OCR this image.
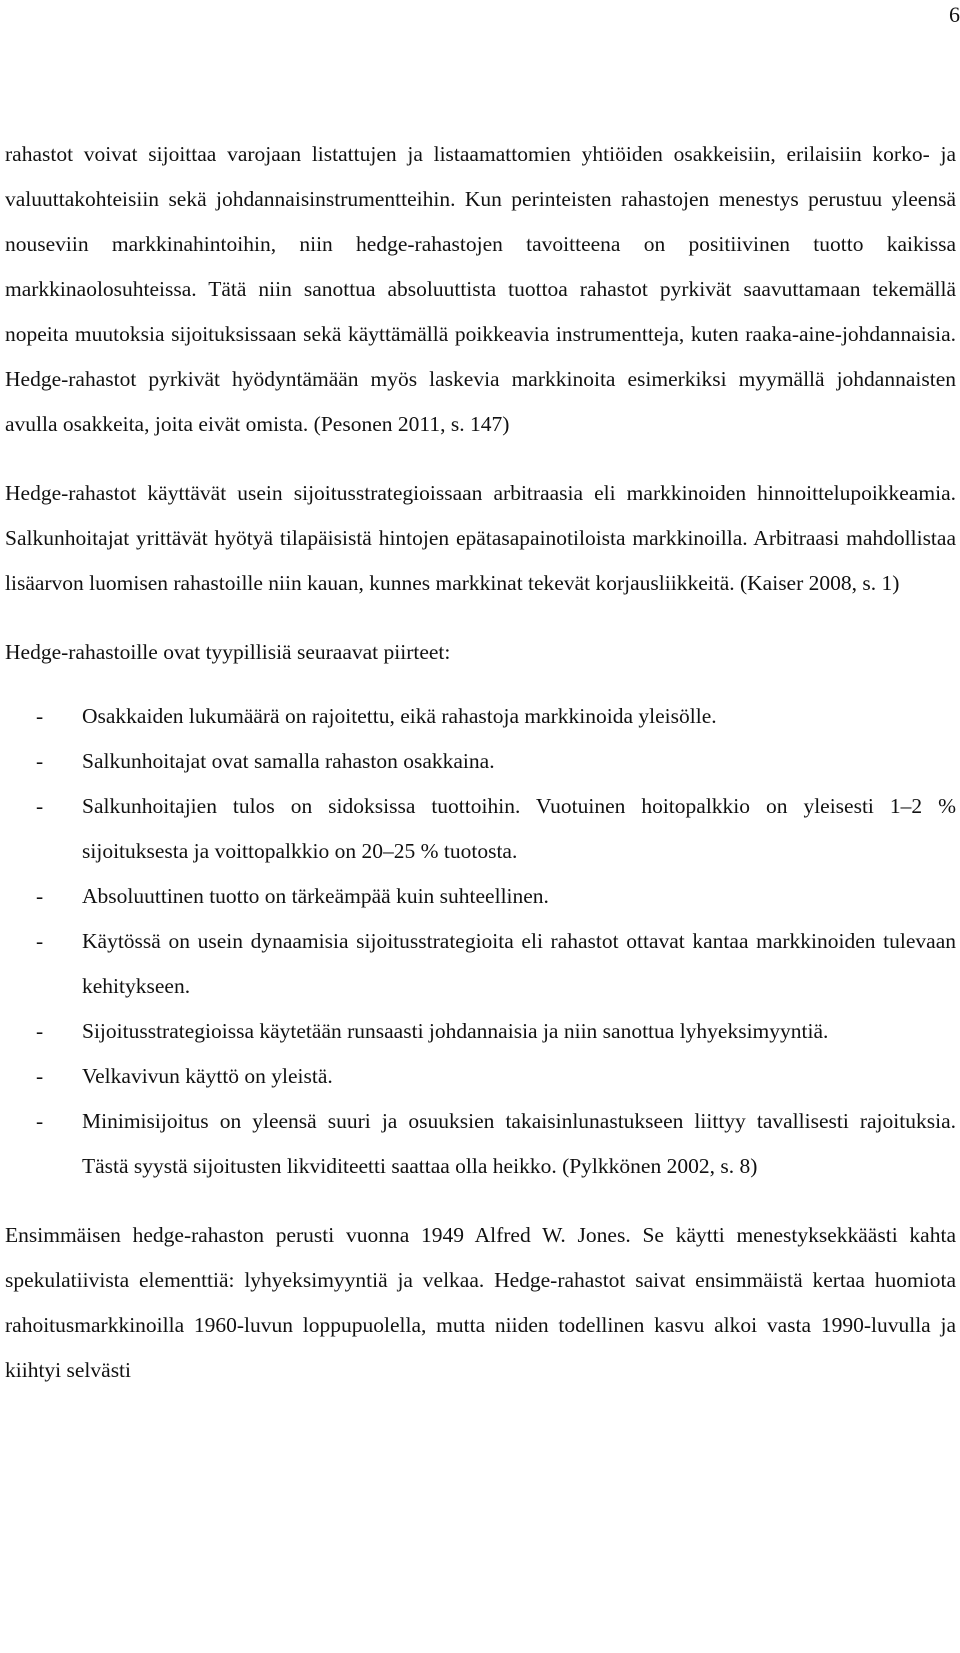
6

rahastot voivat sijoittaa varojaan listattujen ja listaamattomien yhtiöiden osakkeisiin, erilaisiin korko- ja valuuttakohteisiin sekä johdannaisinstrumentteihin. Kun perinteisten rahastojen menestys perustuu yleensä nouseviin markkinahintoihin, niin hedge-rahastojen tavoitteena on positiivinen tuotto kaikissa markkinaolosuhteissa. Tätä niin sanottua absoluuttista tuottoa rahastot pyrkivät saavuttamaan tekemällä nopeita muutoksia sijoituksissaan sekä käyttämällä poikkeavia instrumentteja, kuten raaka-aine-johdannaisia. Hedge-rahastot pyrkivät hyödyntämään myös laskevia markkinoita esimerkiksi myymällä johdannaisten avulla osakkeita, joita eivät omista. (Pesonen 2011, s. 147)

Hedge-rahastot käyttävät usein sijoitusstrategioissaan arbitraasia eli markkinoiden hinnoittelupoikkeamia. Salkunhoitajat yrittävät hyötyä tilapäisistä hintojen epätasapainotiloista markkinoilla. Arbitraasi mahdollistaa lisäarvon luomisen rahastoille niin kauan, kunnes markkinat tekevät korjausliikkeitä. (Kaiser 2008, s. 1)

Hedge-rahastoille ovat tyypillisiä seuraavat piirteet:

- Osakkaiden lukumäärä on rajoitettu, eikä rahastoja markkinoida yleisölle.
- Salkunhoitajat ovat samalla rahaston osakkaina.
- Salkunhoitajien tulos on sidoksissa tuottoihin. Vuotuinen hoitopalkkio on yleisesti 1–2 % sijoituksesta ja voittopalkkio on 20–25 % tuotosta.
- Absoluuttinen tuotto on tärkeämpää kuin suhteellinen.
- Käytössä on usein dynaamisia sijoitusstrategioita eli rahastot ottavat kantaa markkinoiden tulevaan kehitykseen.
- Sijoitusstrategioissa käytetään runsaasti johdannaisia ja niin sanottua lyhyeksimyyntiä.
- Velkavivun käyttö on yleistä.
- Minimisijoitus on yleensä suuri ja osuuksien takaisinlunastukseen liittyy tavallisesti rajoituksia. Tästä syystä sijoitusten likviditeetti saattaa olla heikko. (Pylkkönen 2002, s. 8)

Ensimmäisen hedge-rahaston perusti vuonna 1949 Alfred W. Jones. Se käytti menestyksekkäästi kahta spekulatiivista elementtiä: lyhyeksimyyntiä ja velkaa. Hedge-rahastot saivat ensimmäistä kertaa huomiota rahoitusmarkkinoilla 1960-luvun loppupuolella, mutta niiden todellinen kasvu alkoi vasta 1990-luvulla ja kiihtyi selvästi
